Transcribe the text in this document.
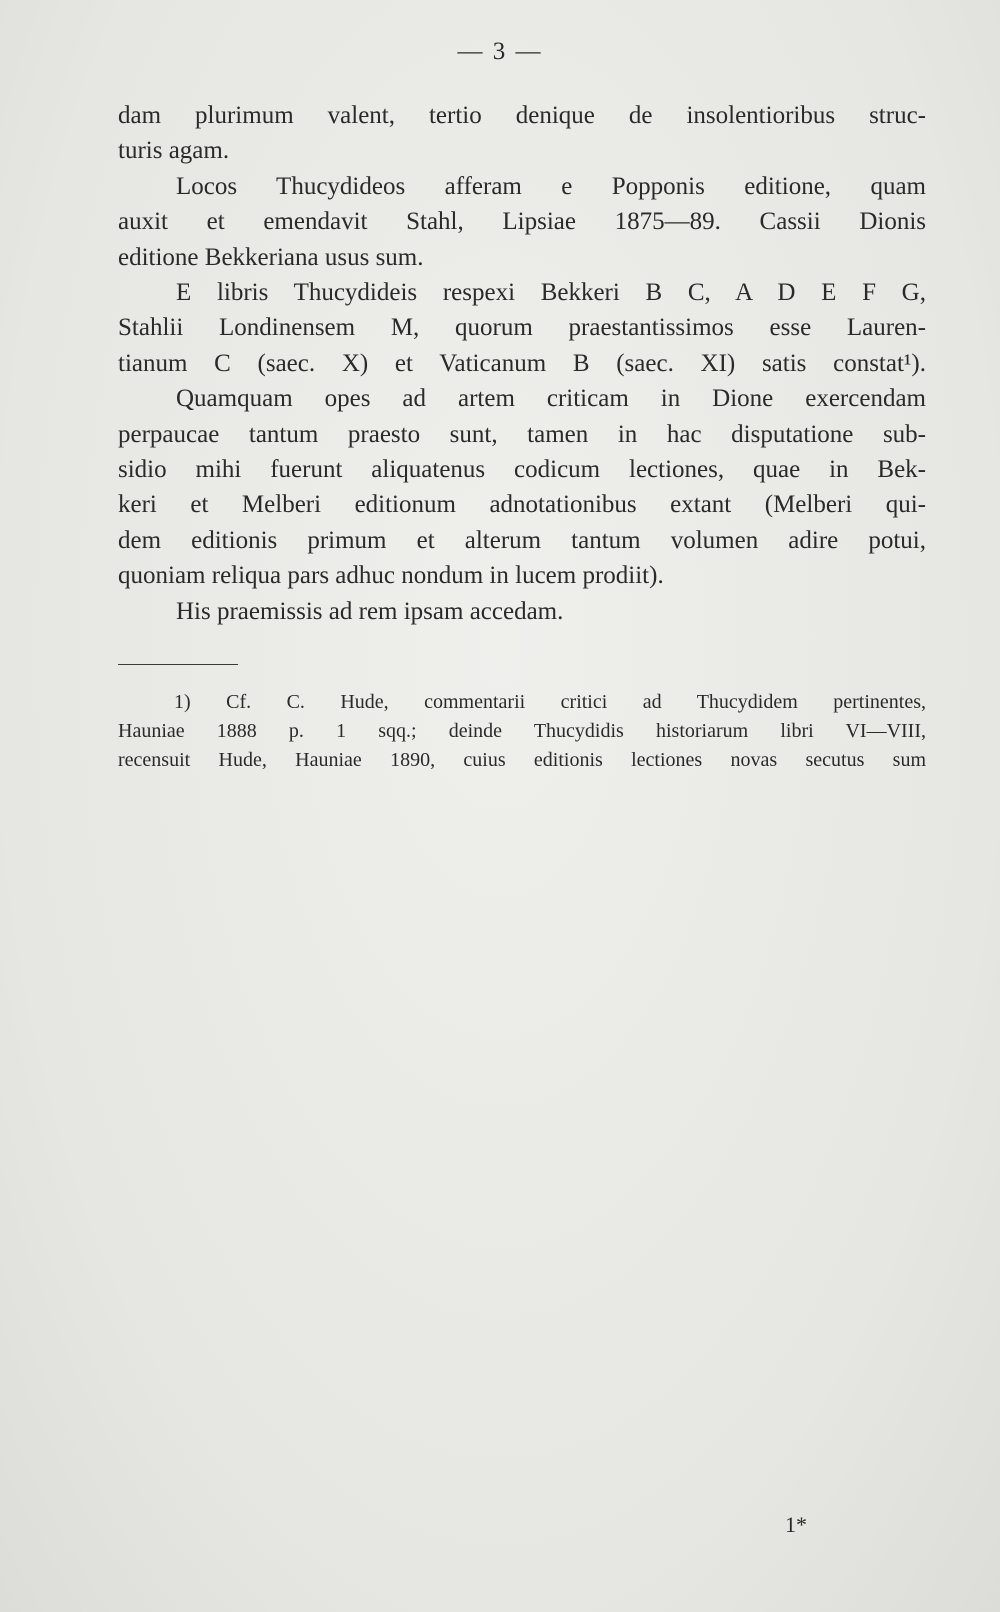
— 3 —

dam plurimum valent, tertio denique de insolentioribus struc-
turis agam.

Locos Thucydideos afferam e Popponis editione, quam
auxit et emendavit Stahl, Lipsiae 1875—89. Cassii Dionis
editione Bekkeriana usus sum.

E libris Thucydideis respexi Bekkeri B C, A D E F G,
Stahlii Londinensem M, quorum praestantissimos esse Lauren-
tianum C (saec. X) et Vaticanum B (saec. XI) satis constat¹).

Quamquam opes ad artem criticam in Dione exercendam
perpaucae tantum praesto sunt, tamen in hac disputatione sub-
sidio mihi fuerunt aliquatenus codicum lectiones, quae in Bek-
keri et Melberi editionum adnotationibus extant (Melberi qui-
dem editionis primum et alterum tantum volumen adire potui,
quoniam reliqua pars adhuc nondum in lucem prodiit).

His praemissis ad rem ipsam accedam.

1) Cf. C. Hude, commentarii critici ad Thucydidem pertinentes,
Hauniae 1888 p. 1 sqq.; deinde Thucydidis historiarum libri VI—VIII,
recensuit Hude, Hauniae 1890, cuius editionis lectiones novas secutus sum
1*
